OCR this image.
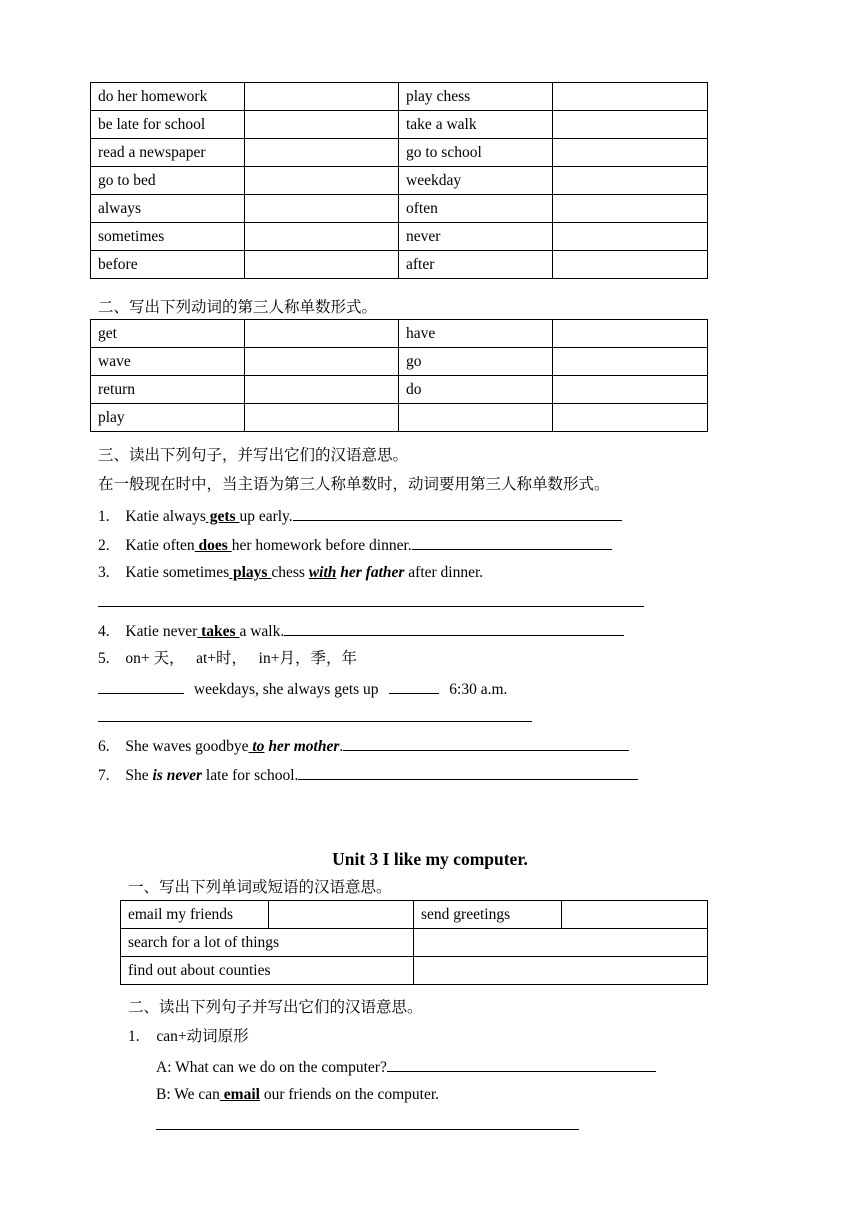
do her homework		play chess	
be late for school		take a walk	
read a newspaper		go to school	
go to bed		weekday	
always		often	
sometimes		never	
before		after	
二、写出下列动词的第三人称单数形式。
get		have	
wave		go	
return		do	
play			
三、读出下列句子，并写出它们的汉语意思。
在一般现在时中，当主语为第三人称单数时，动词要用第三人称单数形式。
1. Katie always gets up early.
2. Katie often does her homework before dinner.
3. Katie sometimes plays chess with her father after dinner.
4. Katie never takes a walk.
5. on+ 天，   at+时，   in+月，季，年
weekdays, she always gets up	6:30 a.m.
6. She waves goodbye to her mother.
7. She is never late for school.
Unit 3 I like my computer.
一、写出下列单词或短语的汉语意思。
email my friends		send greetings	
search for a lot of things			
find out about counties			
二、读出下列句子并写出它们的汉语意思。
1. can+动词原形
A: What can we do on the computer?
B: We can email our friends on the computer.
